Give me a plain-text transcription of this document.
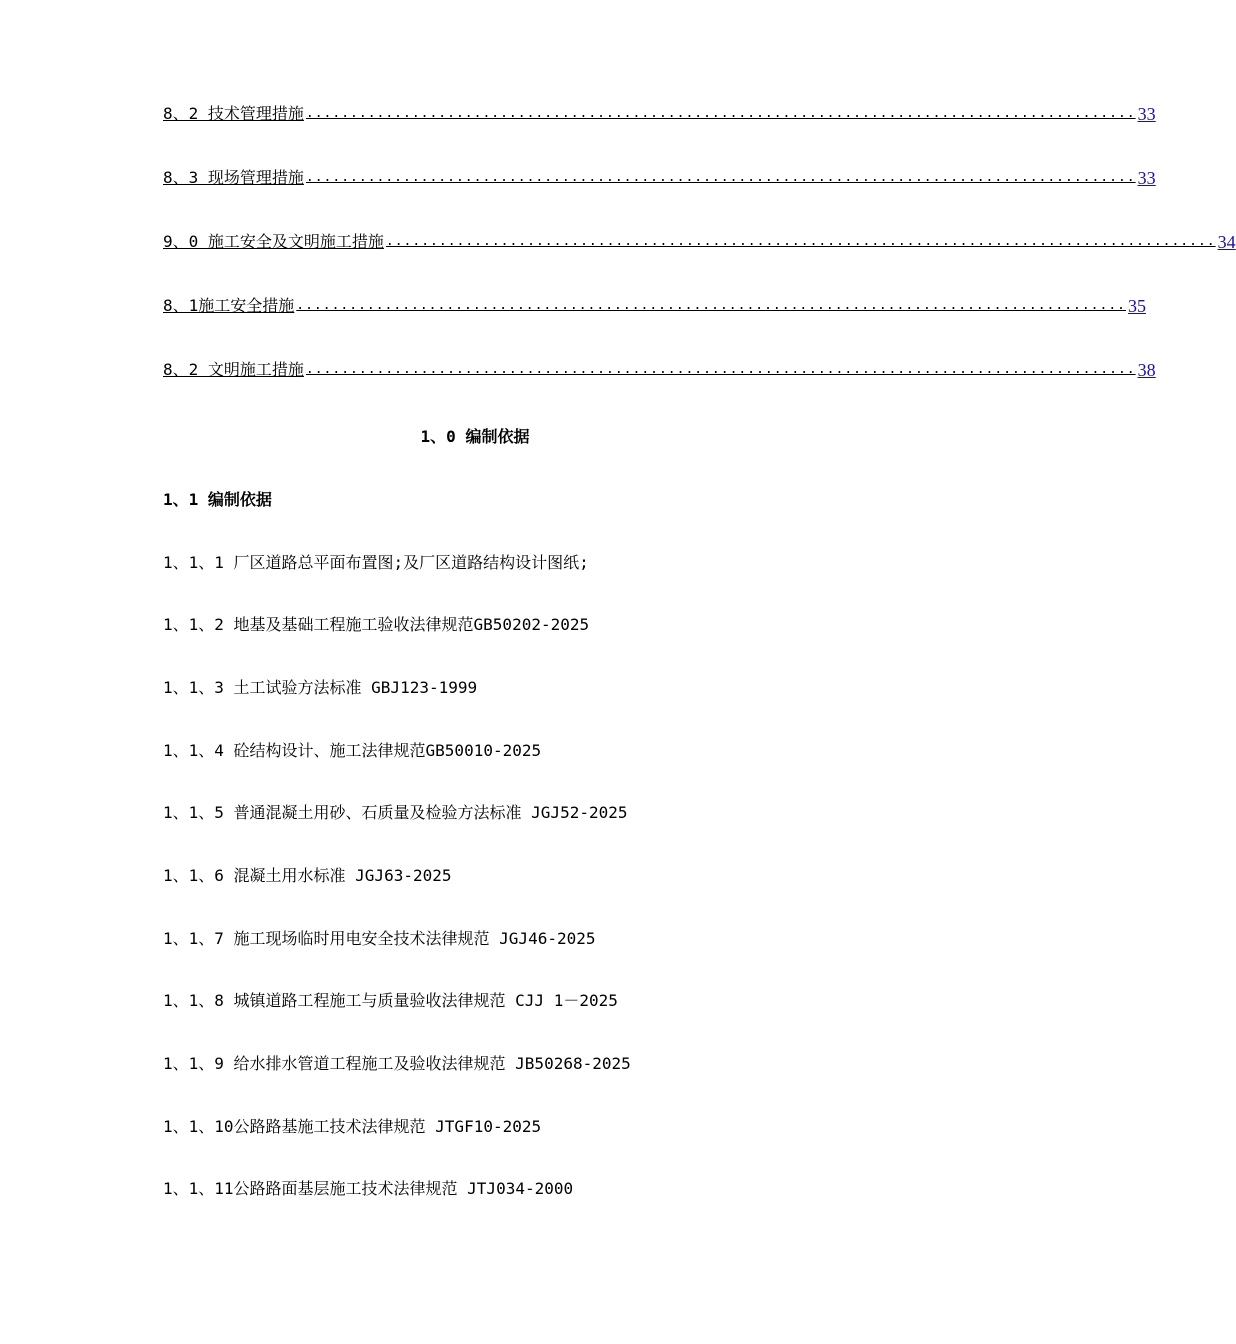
8、2 技术管理措施 .............................................................................................. 33
8、3 现场管理措施 .............................................................................................. 33
9、0 施工安全及文明施工措施 .............................................................................................. 34
8、1施工安全措施 .............................................................................................. 35
8、2 文明施工措施 .............................................................................................. 38
1、0 编制依据
1、1 编制依据
1、1、1 厂区道路总平面布置图;及厂区道路结构设计图纸;
1、1、2 地基及基础工程施工验收法律规范GB50202-2025
1、1、3 土工试验方法标准 GBJ123-1999
1、1、4 砼结构设计、施工法律规范GB50010-2025
1、1、5 普通混凝土用砂、石质量及检验方法标准 JGJ52-2025
1、1、6 混凝土用水标准 JGJ63-2025
1、1、7 施工现场临时用电安全技术法律规范 JGJ46-2025
1、1、8 城镇道路工程施工与质量验收法律规范 CJJ 1－2025
1、1、9 给水排水管道工程施工及验收法律规范 JB50268-2025
1、1、10公路路基施工技术法律规范 JTGF10-2025
1、1、11公路路面基层施工技术法律规范 JTJ034-2000
